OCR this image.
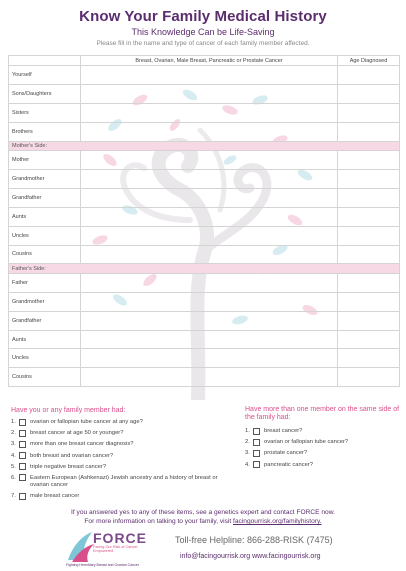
Know Your Family Medical History
This Knowledge Can be Life-Saving
Please fill in the name and type of cancer of each family member affected.
	Breast, Ovarian, Male Breast, Pancreatic or Prostate Cancer	Age Diagnosed
Yourself		
Sons/Daughters		
Sisters		
Brothers		
Mother's Side:		
Mother		
Grandmother		
Grandfather		
Aunts		
Uncles		
Cousins		
Father's Side:		
Father		
Grandmother		
Grandfather		
Aunts		
Uncles		
Cousins		
Have you or any family member had:
1.	ovarian or fallopian tube cancer at any age?
2.	breast cancer at age 50 or younger?
3.	more than one breast cancer diagnosis?
4.	both breast and ovarian cancer?
5.	triple negative breast cancer?
6.	Eastern European (Ashkenazi) Jewish ancestry and a history of breast or ovarian cancer
7.	male breast cancer
Have more than one member on the same side of the family had:
1.	breast cancer?
2.	ovarian or fallopian tube cancer?
3.	prostate cancer?
4.	pancreatic cancer?
If you answered yes to any of these items, see a genetics expert and contact FORCE now.
For more information on talking to your family, visit facingourrisk.org/familyhistory.
FORCE
Facing Our Risk of Cancer Empowered
Fighting Hereditary Breast and Ovarian Cancer
Toll-free Helpline: 866-288-RISK (7475)
info@facingourrisk.org www.facingourrisk.org
